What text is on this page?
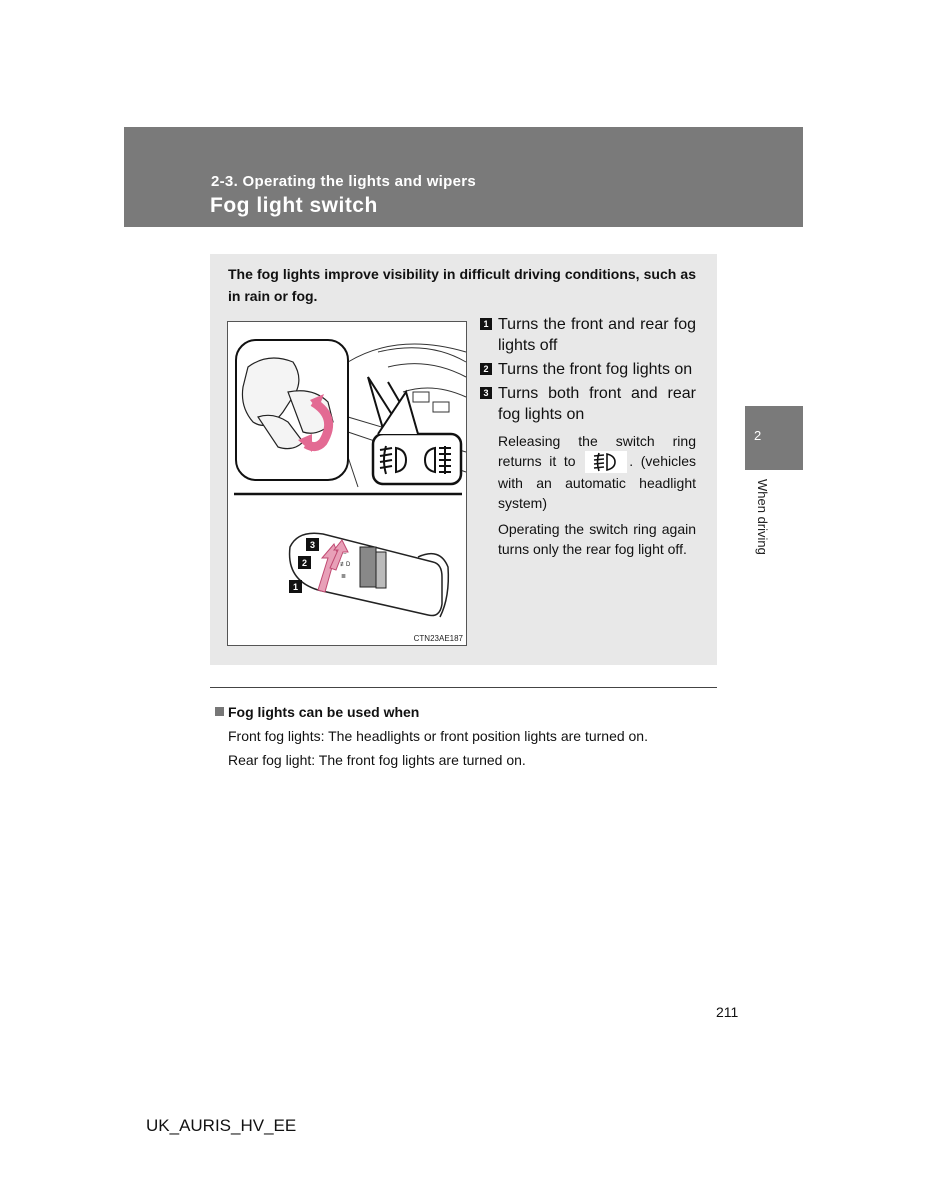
2-3. Operating the lights and wipers
Fog light switch
2
When driving
The fog lights improve visibility in difficult driving conditions, such as in rain or fog.
≡
≢D
≣
3
2
1
CTN23AE187
1 Turns the front and rear fog lights off
2 Turns the front fog lights on
3 Turns both front and rear fog lights on
Releasing the switch ring returns it to	. (vehicles with an automatic headlight system)
Operating the switch ring again turns only the rear fog light off.
Fog lights can be used when
Front fog lights: The headlights or front position lights are turned on.
Rear fog light: The front fog lights are turned on.
211
UK_AURIS_HV_EE
